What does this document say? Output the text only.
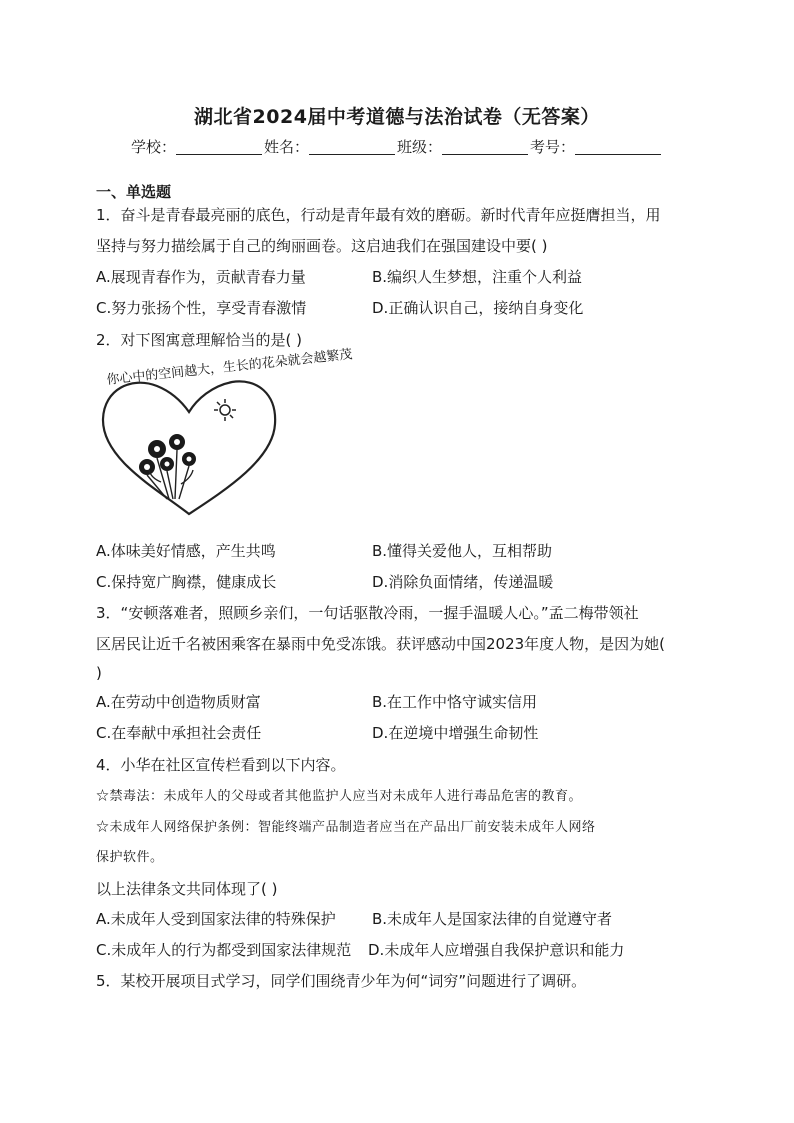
湖北省2024届中考道德与法治试卷（无答案）
学校：	姓名：	班级：	考号：
一、单选题
1．奋斗是青春最亮丽的底色，行动是青年最有效的磨砺。新时代青年应挺膺担当，用
坚持与努力描绘属于自己的绚丽画卷。这启迪我们在强国建设中要( )
A.展现青春作为，贡献青春力量	B.编织人生梦想，注重个人利益
C.努力张扬个性，享受青春激情	D.正确认识自己，接纳自身变化
2．对下图寓意理解恰当的是( )
你心中的空间越大，生长的花朵就会越繁茂
A.体味美好情感，产生共鸣	B.懂得关爱他人，互相帮助
C.保持宽广胸襟，健康成长	D.消除负面情绪，传递温暖
3．“安顿落难者，照顾乡亲们，一句话驱散冷雨，一握手温暖人心。”孟二梅带领社
区居民让近千名被困乘客在暴雨中免受冻饿。获评感动中国2023年度人物，是因为她(
)
A.在劳动中创造物质财富	B.在工作中恪守诚实信用
C.在奉献中承担社会责任	D.在逆境中增强生命韧性
4．小华在社区宣传栏看到以下内容。
☆禁毒法：未成年人的父母或者其他监护人应当对未成年人进行毒品危害的教育。
☆未成年人网络保护条例：智能终端产品制造者应当在产品出厂前安装未成年人网络
保护软件。
以上法律条文共同体现了( )
A.未成年人受到国家法律的特殊保护 B.未成年人是国家法律的自觉遵守者
C.未成年人的行为都受到国家法律规范 D.未成年人应增强自我保护意识和能力
5．某校开展项目式学习，同学们围绕青少年为何“词穷”问题进行了调研。
